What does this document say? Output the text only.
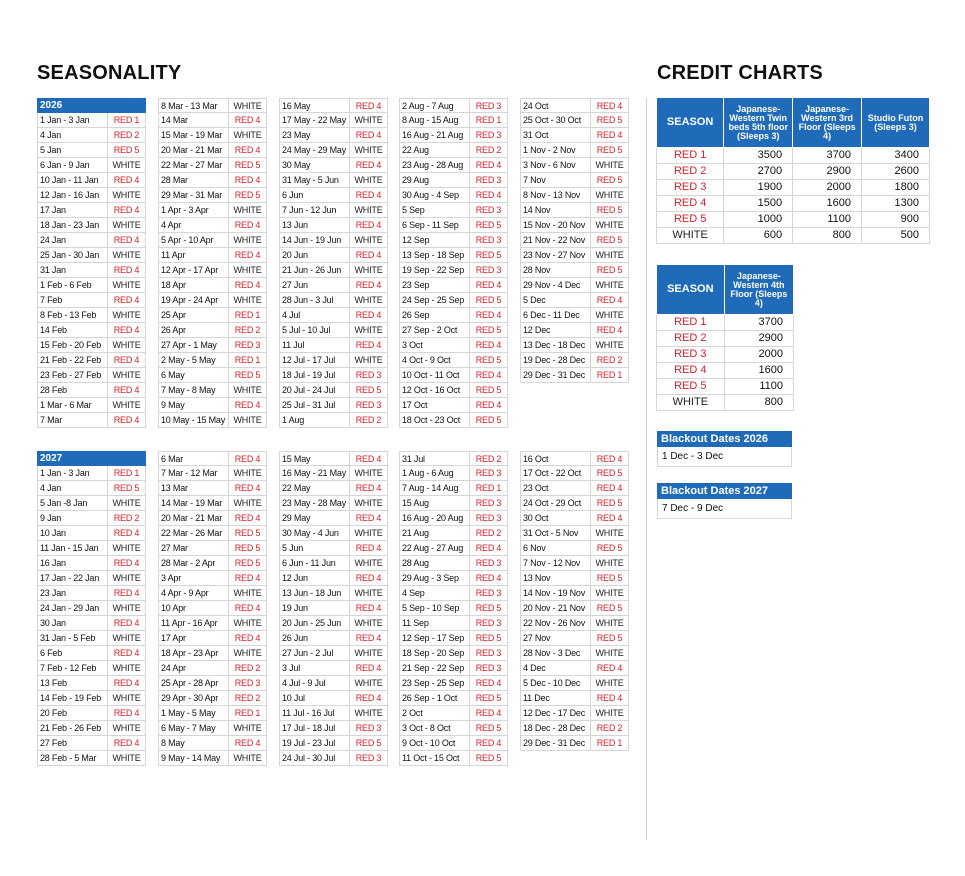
SEASONALITY	CREDIT CHARTS
2026
1 Jan - 3 Jan	RED 1
4 Jan	RED 2
5 Jan	RED 5
6 Jan - 9 Jan	WHITE
10 Jan - 11 Jan	RED 4
12 Jan - 16 Jan	WHITE
17 Jan	RED 4
18 Jan - 23 Jan	WHITE
24 Jan	RED 4
25 Jan - 30 Jan	WHITE
31 Jan	RED 4
1 Feb - 6 Feb	WHITE
7 Feb	RED 4
8 Feb - 13 Feb	WHITE
14 Feb	RED 4
15 Feb - 20 Feb	WHITE
21 Feb - 22 Feb	RED 4
23 Feb - 27 Feb	WHITE
28 Feb	RED 4
1 Mar - 6 Mar	WHITE
7 Mar	RED 4
8 Mar - 13 Mar	WHITE
14 Mar	RED 4
15 Mar - 19 Mar	WHITE
20 Mar - 21 Mar	RED 4
22 Mar - 27 Mar	RED 5
28 Mar	RED 4
29 Mar - 31 Mar	RED 5
1 Apr - 3 Apr	WHITE
4 Apr	RED 4
5 Apr - 10 Apr	WHITE
11 Apr	RED 4
12 Apr - 17 Apr	WHITE
18 Apr	RED 4
19 Apr - 24 Apr	WHITE
25 Apr	RED 1
26 Apr	RED 2
27 Apr - 1 May	RED 3
2 May - 5 May	RED 1
6 May	RED 5
7 May - 8 May	WHITE
9 May	RED 4
10 May - 15 May WHITE
16 May	RED 4
17 May - 22 May WHITE
23 May	RED 4
24 May - 29 May WHITE
30 May	RED 4
31 May - 5 Jun	WHITE
6 Jun	RED 4
7 Jun - 12 Jun	WHITE
13 Jun	RED 4
14 Jun - 19 Jun	WHITE
20 Jun	RED 4
21 Jun - 26 Jun	WHITE
27 Jun	RED 4
28 Jun - 3 Jul	WHITE
4 Jul	RED 4
5 Jul - 10 Jul	WHITE
11 Jul	RED 4
12 Jul - 17 Jul	WHITE
18 Jul - 19 Jul	RED 3
20 Jul - 24 Jul	RED 5
25 Jul - 31 Jul	RED 3
1 Aug	RED 2
2 Aug - 7 Aug	RED 3
8 Aug - 15 Aug	RED 1
16 Aug - 21 Aug	RED 3
22 Aug	RED 2
23 Aug - 28 Aug	RED 4
29 Aug	RED 3
30 Aug - 4 Sep	RED 4
5 Sep	RED 3
6 Sep - 11 Sep	RED 5
12 Sep	RED 3
13 Sep - 18 Sep	RED 5
19 Sep - 22 Sep	RED 3
23 Sep	RED 4
24 Sep - 25 Sep	RED 5
26 Sep	RED 4
27 Sep - 2 Oct	RED 5
3 Oct	RED 4
4 Oct - 9 Oct	RED 5
10 Oct - 11 Oct	RED 4
12 Oct - 16 Oct	RED 5
17 Oct	RED 4
18 Oct - 23 Oct	RED 5
24 Oct	RED 4
25 Oct - 30 Oct	RED 5
31 Oct	RED 4
1 Nov - 2 Nov	RED 5
3 Nov - 6 Nov	WHITE
7 Nov	RED 5
8 Nov - 13 Nov	WHITE
14 Nov	RED 5
15 Nov - 20 Nov	WHITE
21 Nov - 22 Nov	RED 5
23 Nov - 27 Nov	WHITE
28 Nov	RED 5
29 Nov - 4 Dec	WHITE
5 Dec	RED 4
6 Dec - 11 Dec	WHITE
12 Dec	RED 4
13 Dec - 18 Dec	WHITE
19 Dec - 28 Dec	RED 2
29 Dec - 31 Dec	RED 1
2027
1 Jan - 3 Jan	RED 1
4 Jan	RED 5
5 Jan -8 Jan	WHITE
9 Jan	RED 2
10 Jan	RED 4
11 Jan - 15 Jan	WHITE
16 Jan	RED 4
17 Jan - 22 Jan	WHITE
23 Jan	RED 4
24 Jan - 29 Jan	WHITE
30 Jan	RED 4
31 Jan - 5 Feb	WHITE
6 Feb	RED 4
7 Feb - 12 Feb	WHITE
13 Feb	RED 4
14 Feb - 19 Feb	WHITE
20 Feb	RED 4
21 Feb - 26 Feb	WHITE
27 Feb	RED 4
28 Feb - 5 Mar	WHITE
6 Mar	RED 4
7 Mar - 12 Mar	WHITE
13 Mar	RED 4
14 Mar - 19 Mar	WHITE
20 Mar - 21 Mar	RED 4
22 Mar - 26 Mar	RED 5
27 Mar	RED 5
28 Mar - 2 Apr	RED 5
3 Apr	RED 4
4 Apr - 9 Apr	WHITE
10 Apr	RED 4
11 Apr - 16 Apr	WHITE
17 Apr	RED 4
18 Apr - 23 Apr	WHITE
24 Apr	RED 2
25 Apr - 28 Apr	RED 3
29 Apr - 30 Apr	RED 2
1 May - 5 May	RED 1
6 May - 7 May	WHITE
8 May	RED 4
9 May - 14 May	WHITE
15 May	RED 4
16 May - 21 May WHITE
22 May	RED 4
23 May - 28 May WHITE
29 May	RED 4
30 May - 4 Jun	WHITE
5 Jun	RED 4
6 Jun - 11 Jun	WHITE
12 Jun	RED 4
13 Jun - 18 Jun	WHITE
19 Jun	RED 4
20 Jun - 25 Jun	WHITE
26 Jun	RED 4
27 Jun - 2 Jul	WHITE
3 Jul	RED 4
4 Jul - 9 Jul	WHITE
10 Jul	RED 4
11 Jul - 16 Jul	WHITE
17 Jul - 18 Jul	RED 3
19 Jul - 23 Jul	RED 5
24 Jul - 30 Jul	RED 3
31 Jul	RED 2
1 Aug - 6 Aug	RED 3
7 Aug - 14 Aug	RED 1
15 Aug	RED 3
16 Aug - 20 Aug	RED 3
21 Aug	RED 2
22 Aug - 27 Aug	RED 4
28 Aug	RED 3
29 Aug - 3 Sep	RED 4
4 Sep	RED 3
5 Sep - 10 Sep	RED 5
11 Sep	RED 3
12 Sep - 17 Sep	RED 5
18 Sep - 20 Sep	RED 3
21 Sep - 22 Sep	RED 3
23 Sep - 25 Sep	RED 4
26 Sep - 1 Oct	RED 5
2 Oct	RED 4
3 Oct - 8 Oct	RED 5
9 Oct - 10 Oct	RED 4
11 Oct - 15 Oct	RED 5
16 Oct	RED 4
17 Oct - 22 Oct	RED 5
23 Oct	RED 4
24 Oct - 29 Oct	RED 5
30 Oct	RED 4
31 Oct - 5 Nov	WHITE
6 Nov	RED 5
7 Nov - 12 Nov	WHITE
13 Nov	RED 5
14 Nov - 19 Nov	WHITE
20 Nov - 21 Nov	RED 5
22 Nov - 26 Nov	WHITE
27 Nov	RED 5
28 Nov - 3 Dec	WHITE
4 Dec	RED 4
5 Dec - 10 Dec	WHITE
11 Dec	RED 4
12 Dec - 17 Dec	WHITE
18 Dec - 28 Dec	RED 2
29 Dec - 31 Dec	RED 1
SEASON	Japanese-Western Twin beds 5th floor (Sleeps 3)	Japanese-Western 3rd Floor (Sleeps 4)	Studio Futon (Sleeps 3)
RED 1	3500	3700	3400
RED 2	2700	2900	2600
RED 3	1900	2000	1800
RED 4	1500	1600	1300
RED 5	1000	1100	900
WHITE	600	800	500
SEASON	Japanese-Western 4th Floor (Sleeps 4)
RED 1	3700
RED 2	2900
RED 3	2000
RED 4	1600
RED 5	1100
WHITE	800
Blackout Dates 2026
1 Dec - 3 Dec
Blackout Dates 2027
7 Dec - 9 Dec
